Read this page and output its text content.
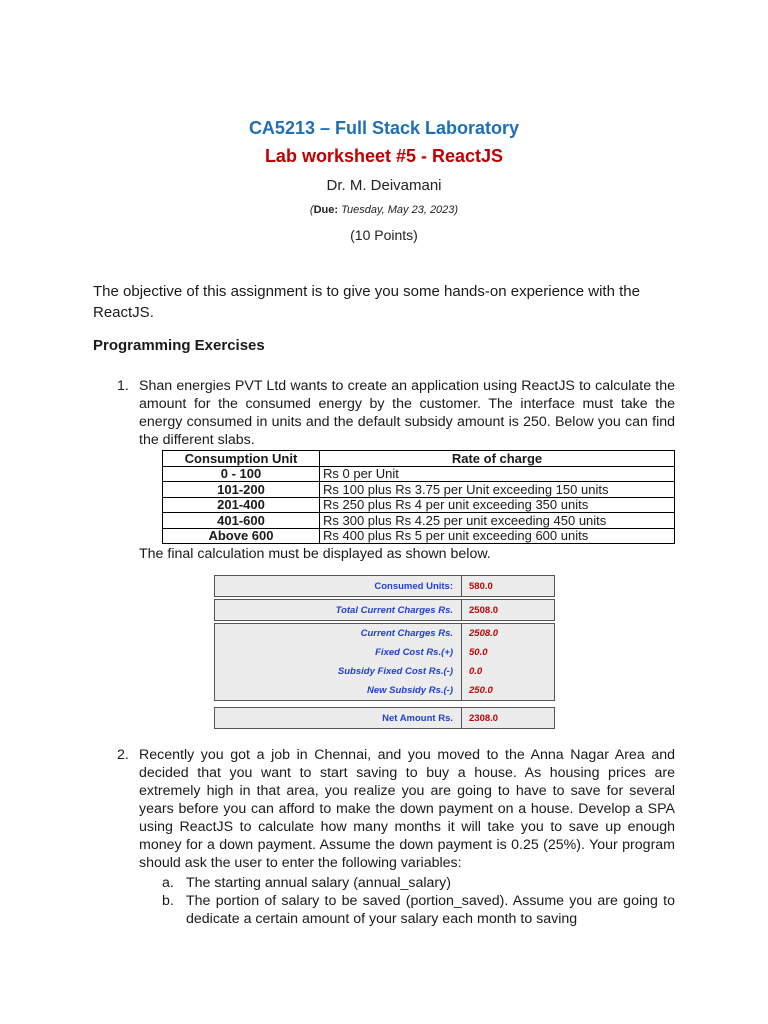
CA5213 – Full Stack Laboratory
Lab worksheet #5 - ReactJS
Dr. M. Deivamani
(Due: Tuesday, May 23, 2023)
(10 Points)
The objective of this assignment is to give you some hands-on experience with the ReactJS.
Programming Exercises
1. Shan energies PVT Ltd wants to create an application using ReactJS to calculate the amount for the consumed energy by the customer. The interface must take the energy consumed in units and the default subsidy amount is 250. Below you can find the different slabs.
Consumption Unit	Rate of charge
0 - 100	Rs 0 per Unit
101-200	Rs 100 plus Rs 3.75 per Unit exceeding 150 units
201-400	Rs 250 plus Rs 4 per unit exceeding 350 units
401-600	Rs 300 plus Rs 4.25 per unit exceeding 450 units
Above 600	Rs 400 plus Rs 5 per unit exceeding 600 units
The final calculation must be displayed as shown below.
Consumed Units:	580.0
Total Current Charges Rs.	2508.0
Current Charges Rs.	2508.0
Fixed Cost Rs.(+)	50.0
Subsidy Fixed Cost Rs.(-)	0.0
New Subsidy Rs.(-)	250.0
Net Amount Rs.	2308.0
2. Recently you got a job in Chennai, and you moved to the Anna Nagar Area and decided that you want to start saving to buy a house. As housing prices are extremely high in that area, you realize you are going to have to save for several years before you can afford to make the down payment on a house. Develop a SPA using ReactJS to calculate how many months it will take you to save up enough money for a down payment. Assume the down payment is 0.25 (25%). Your program should ask the user to enter the following variables:
a. The starting annual salary (annual_salary)
b. The portion of salary to be saved (portion_saved). Assume you are going to dedicate a certain amount of your salary each month to saving
